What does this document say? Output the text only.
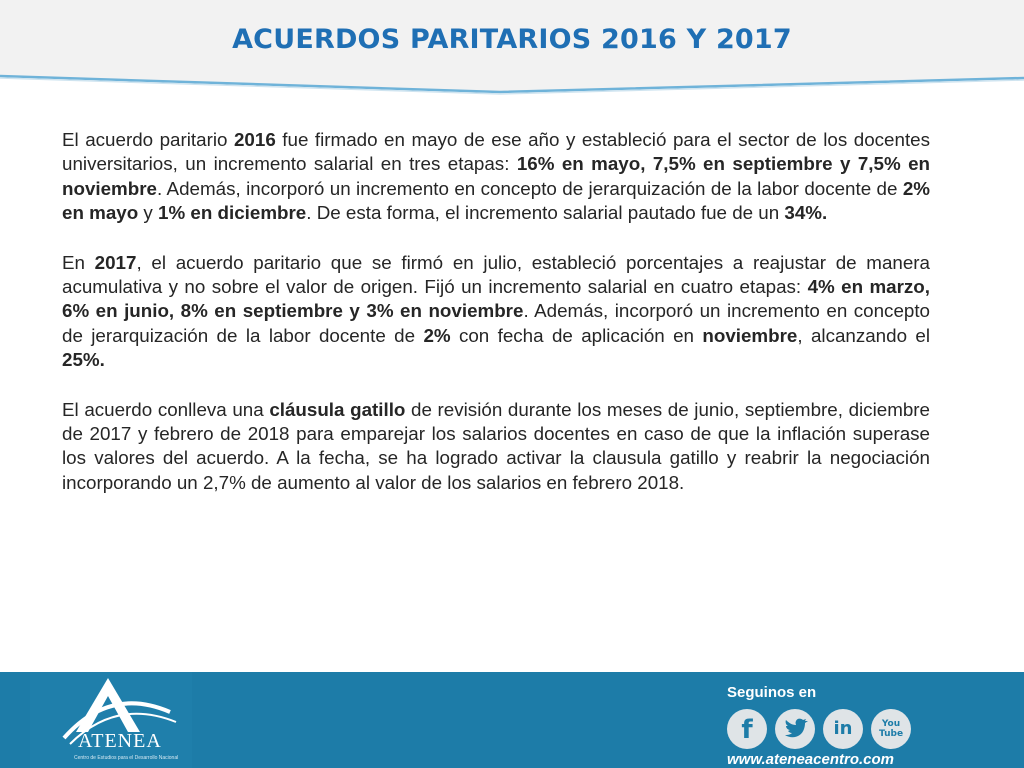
ACUERDOS PARITARIOS 2016 Y 2017

El acuerdo paritario 2016 fue firmado en mayo de ese año y estableció para el sector de los docentes universitarios, un incremento salarial en tres etapas: 16% en mayo, 7,5% en septiembre y 7,5% en noviembre. Además, incorporó un incremento en concepto de jerarquización de la labor docente de 2% en mayo y 1% en diciembre. De esta forma, el incremento salarial pautado fue de un 34%.

En 2017, el acuerdo paritario que se firmó en julio, estableció porcentajes a reajustar de manera acumulativa y no sobre el valor de origen. Fijó un incremento salarial en cuatro etapas: 4% en marzo, 6% en junio, 8% en septiembre y 3% en noviembre. Además, incorporó un incremento en concepto de jerarquización de la labor docente de 2% con fecha de aplicación en noviembre, alcanzando el 25%.

El acuerdo conlleva una cláusula gatillo de revisión durante los meses de junio, septiembre, diciembre de 2017 y febrero de 2018 para emparejar los salarios docentes en caso de que la inflación superase los valores del acuerdo. A la fecha, se ha logrado activar la clausula gatillo y reabrir la negociación incorporando un 2,7% de aumento al valor de los salarios en febrero 2018.

ATENEA
Centro de Estudios para el Desarrollo Nacional
Seguinos en
f	in	You
Tube
www.ateneacentro.com
